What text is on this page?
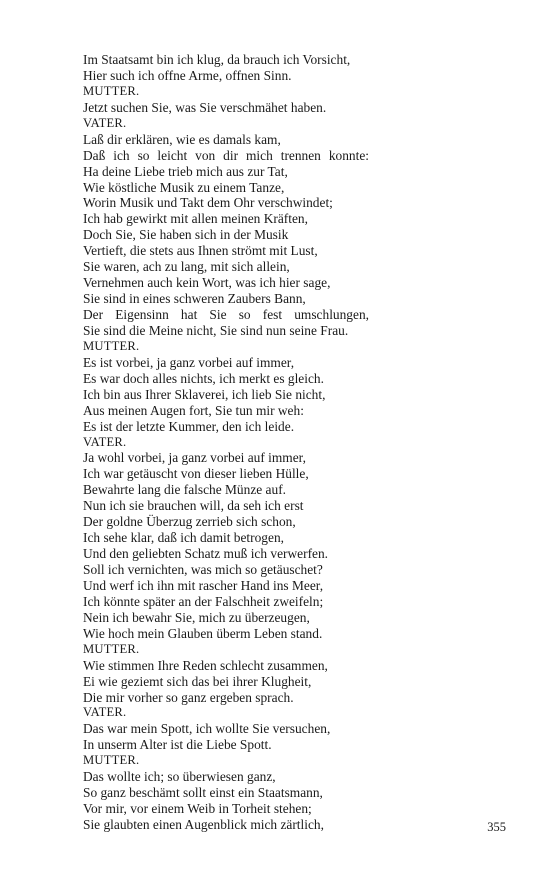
Im Staatsamt bin ich klug, da brauch ich Vorsicht,
Hier such ich offne Arme, offnen Sinn.
MUTTER.
Jetzt suchen Sie, was Sie verschmähet haben.
VATER.
Laß dir erklären, wie es damals kam,
Daß ich so leicht von dir mich trennen konnte:
Ha deine Liebe trieb mich aus zur Tat,
Wie köstliche Musik zu einem Tanze,
Worin Musik und Takt dem Ohr verschwindet;
Ich hab gewirkt mit allen meinen Kräften,
Doch Sie, Sie haben sich in der Musik
Vertieft, die stets aus Ihnen strömt mit Lust,
Sie waren, ach zu lang, mit sich allein,
Vernehmen auch kein Wort, was ich hier sage,
Sie sind in eines schweren Zaubers Bann,
Der Eigensinn hat Sie so fest umschlungen,
Sie sind die Meine nicht, Sie sind nun seine Frau.
MUTTER.
Es ist vorbei, ja ganz vorbei auf immer,
Es war doch alles nichts, ich merkt es gleich.
Ich bin aus Ihrer Sklaverei, ich lieb Sie nicht,
Aus meinen Augen fort, Sie tun mir weh:
Es ist der letzte Kummer, den ich leide.
VATER.
Ja wohl vorbei, ja ganz vorbei auf immer,
Ich war getäuscht von dieser lieben Hülle,
Bewahrte lang die falsche Münze auf.
Nun ich sie brauchen will, da seh ich erst
Der goldne Überzug zerrieb sich schon,
Ich sehe klar, daß ich damit betrogen,
Und den geliebten Schatz muß ich verwerfen.
Soll ich vernichten, was mich so getäuschet?
Und werf ich ihn mit rascher Hand ins Meer,
Ich könnte später an der Falschheit zweifeln;
Nein ich bewahr Sie, mich zu überzeugen,
Wie hoch mein Glauben überm Leben stand.
MUTTER.
Wie stimmen Ihre Reden schlecht zusammen,
Ei wie geziemt sich das bei ihrer Klugheit,
Die mir vorher so ganz ergeben sprach.
VATER.
Das war mein Spott, ich wollte Sie versuchen,
In unserm Alter ist die Liebe Spott.
MUTTER.
Das wollte ich; so überwiesen ganz,
So ganz beschämt sollt einst ein Staatsmann,
Vor mir, vor einem Weib in Torheit stehen;
Sie glaubten einen Augenblick mich zärtlich,	355
